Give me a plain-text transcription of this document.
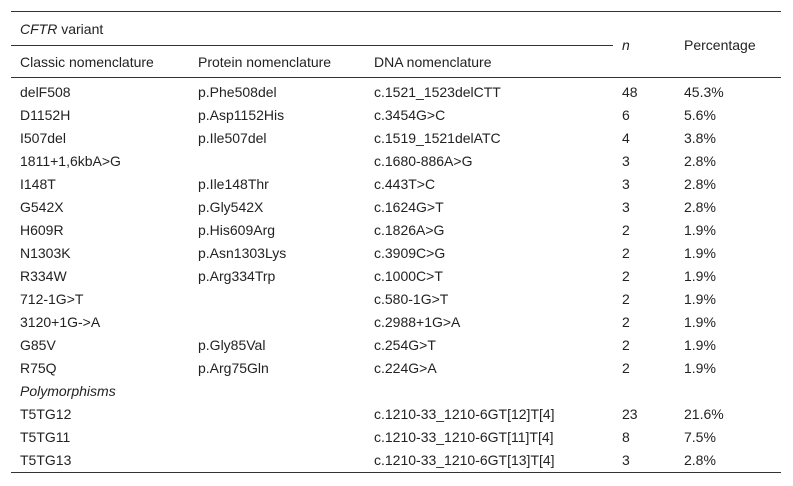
CFTR variant			n	Percentage
Classic nomenclature	Protein nomenclature	DNA nomenclature		
delF508	p.Phe508del	c.1521_1523delCTT	48	45.3%
D1152H	p.Asp1152His	c.3454G>C	6	5.6%
I507del	p.Ile507del	c.1519_1521delATC	4	3.8%
1811+1,6kbA>G		c.1680-886A>G	3	2.8%
I148T	p.Ile148Thr	c.443T>C	3	2.8%
G542X	p.Gly542X	c.1624G>T	3	2.8%
H609R	p.His609Arg	c.1826A>G	2	1.9%
N1303K	p.Asn1303Lys	c.3909C>G	2	1.9%
R334W	p.Arg334Trp	c.1000C>T	2	1.9%
712-1G>T		c.580-1G>T	2	1.9%
3120+1G->A		c.2988+1G>A	2	1.9%
G85V	p.Gly85Val	c.254G>T	2	1.9%
R75Q	p.Arg75Gln	c.224G>A	2	1.9%
Polymorphisms				
T5TG12		c.1210-33_1210-6GT[12]T[4]	23	21.6%
T5TG11		c.1210-33_1210-6GT[11]T[4]	8	7.5%
T5TG13		c.1210-33_1210-6GT[13]T[4]	3	2.8%
